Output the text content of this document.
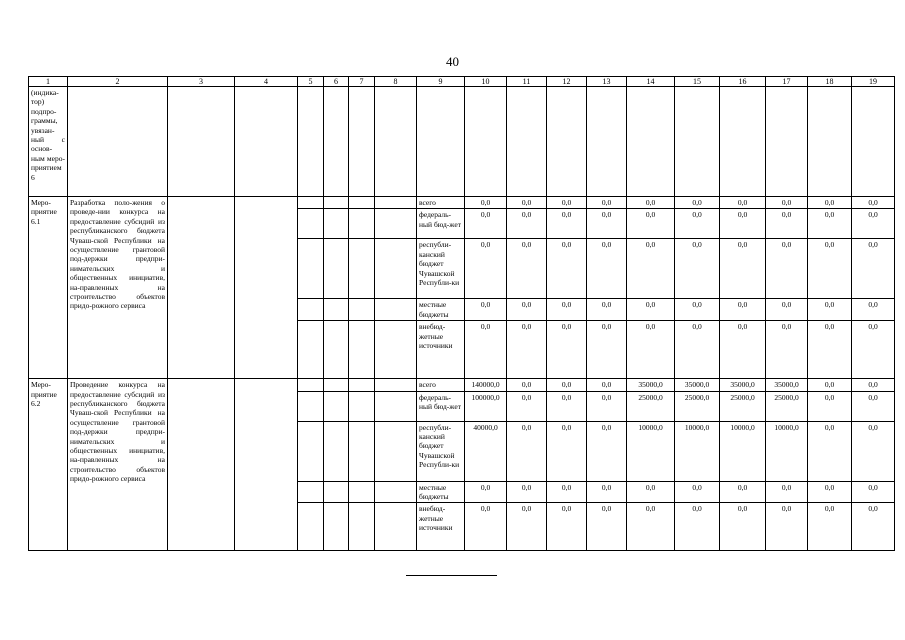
40
1	2	3	4	5	6	7	8	9	10	11	12	13	14	15	16	17	18	19
(индика-тор) подпро-граммы, увязан-ный с основ-ным меро-приятием 6																		
Меро-приятие 6.1	Разработка поло-жения о проведе-нии конкурса на предоставление субсидий из республиканского бюджета Чуваш-ской Республики на осуществление грантовой под-держки предпри-нимательских и общественных инициатив, на-правленных на строительство объектов придо-рожного сервиса							всего	0,0	0,0	0,0	0,0	0,0	0,0	0,0	0,0	0,0	0,0
								федераль-ный бюд-жет	0,0	0,0	0,0	0,0	0,0	0,0	0,0	0,0	0,0	0,0
								республи-канский бюджет Чувашской Республи-ки	0,0	0,0	0,0	0,0	0,0	0,0	0,0	0,0	0,0	0,0
								местные бюджеты	0,0	0,0	0,0	0,0	0,0	0,0	0,0	0,0	0,0	0,0
								внебюд-жетные источники	0,0	0,0	0,0	0,0	0,0	0,0	0,0	0,0	0,0	0,0
Меро-приятие 6.2	Проведение конкурса на предоставление субсидий из республиканского бюджета Чуваш-ской Республики на осуществление грантовой под-держки предпри-нимательских и общественных инициатив, на-правленных на строительство объектов придо-рожного сервиса							всего	140000,0	0,0	0,0	0,0	35000,0	35000,0	35000,0	35000,0	0,0	0,0
								федераль-ный бюд-жет	100000,0	0,0	0,0	0,0	25000,0	25000,0	25000,0	25000,0	0,0	0,0
								республи-канский бюджет Чувашской Республи-ки	40000,0	0,0	0,0	0,0	10000,0	10000,0	10000,0	10000,0	0,0	0,0
								местные бюджеты	0,0	0,0	0,0	0,0	0,0	0,0	0,0	0,0	0,0	0,0
								внебюд-жетные источники	0,0	0,0	0,0	0,0	0,0	0,0	0,0	0,0	0,0	0,0
